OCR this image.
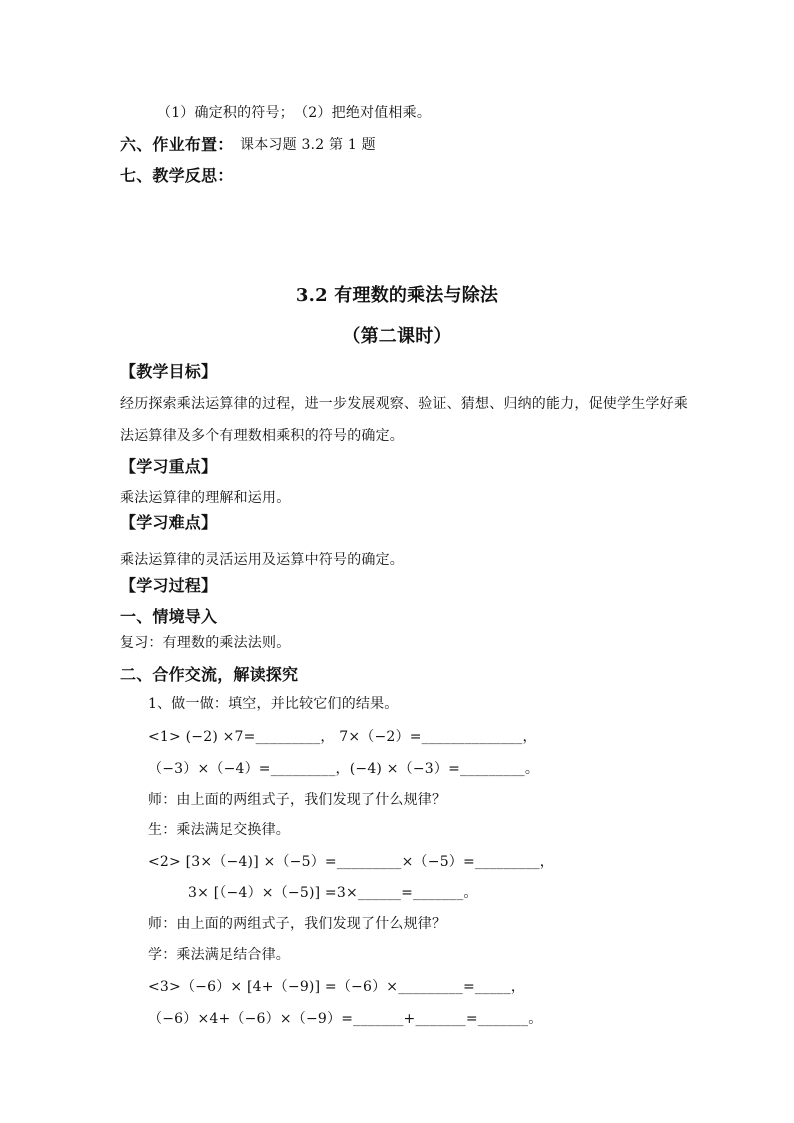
（1）确定积的符号；　（2）把绝对值相乘。
六、作业布置： 课本习题 3.2 第 1 题
七、教学反思：
3.2 有理数的乘法与除法
（第二课时）
【教学目标】
经历探索乘法运算律的过程，进一步发展观察、验证、猜想、归纳的能力，促使学生学好乘
法运算律及多个有理数相乘积的符号的确定。
【学习重点】
乘法运算律的理解和运用。
【学习难点】
乘法运算律的灵活运用及运算中符号的确定。
【学习过程】
一、情境导入
复习：有理数的乘法法则。
二、合作交流，解读探究
1、做一做：填空，并比较它们的结果。
<1> (−2) ×7=_________， 7×（−2）=______________，
（−3）×（−4）=_________，(−4) ×（−3）=_________。
师：由上面的两组式子，我们发现了什么规律？
生：乘法满足交换律。
<2> [3×（−4)] ×（−5）=_________×（−5）=_________，
3× [（−4）×（−5)] =3×______=_______。
师：由上面的两组式子，我们发现了什么规律？
学：乘法满足结合律。
<3>（−6）× [4+（−9)] =（−6）×_________=_____，
（−6）×4+（−6）×（−9）=_______+_______=_______。
